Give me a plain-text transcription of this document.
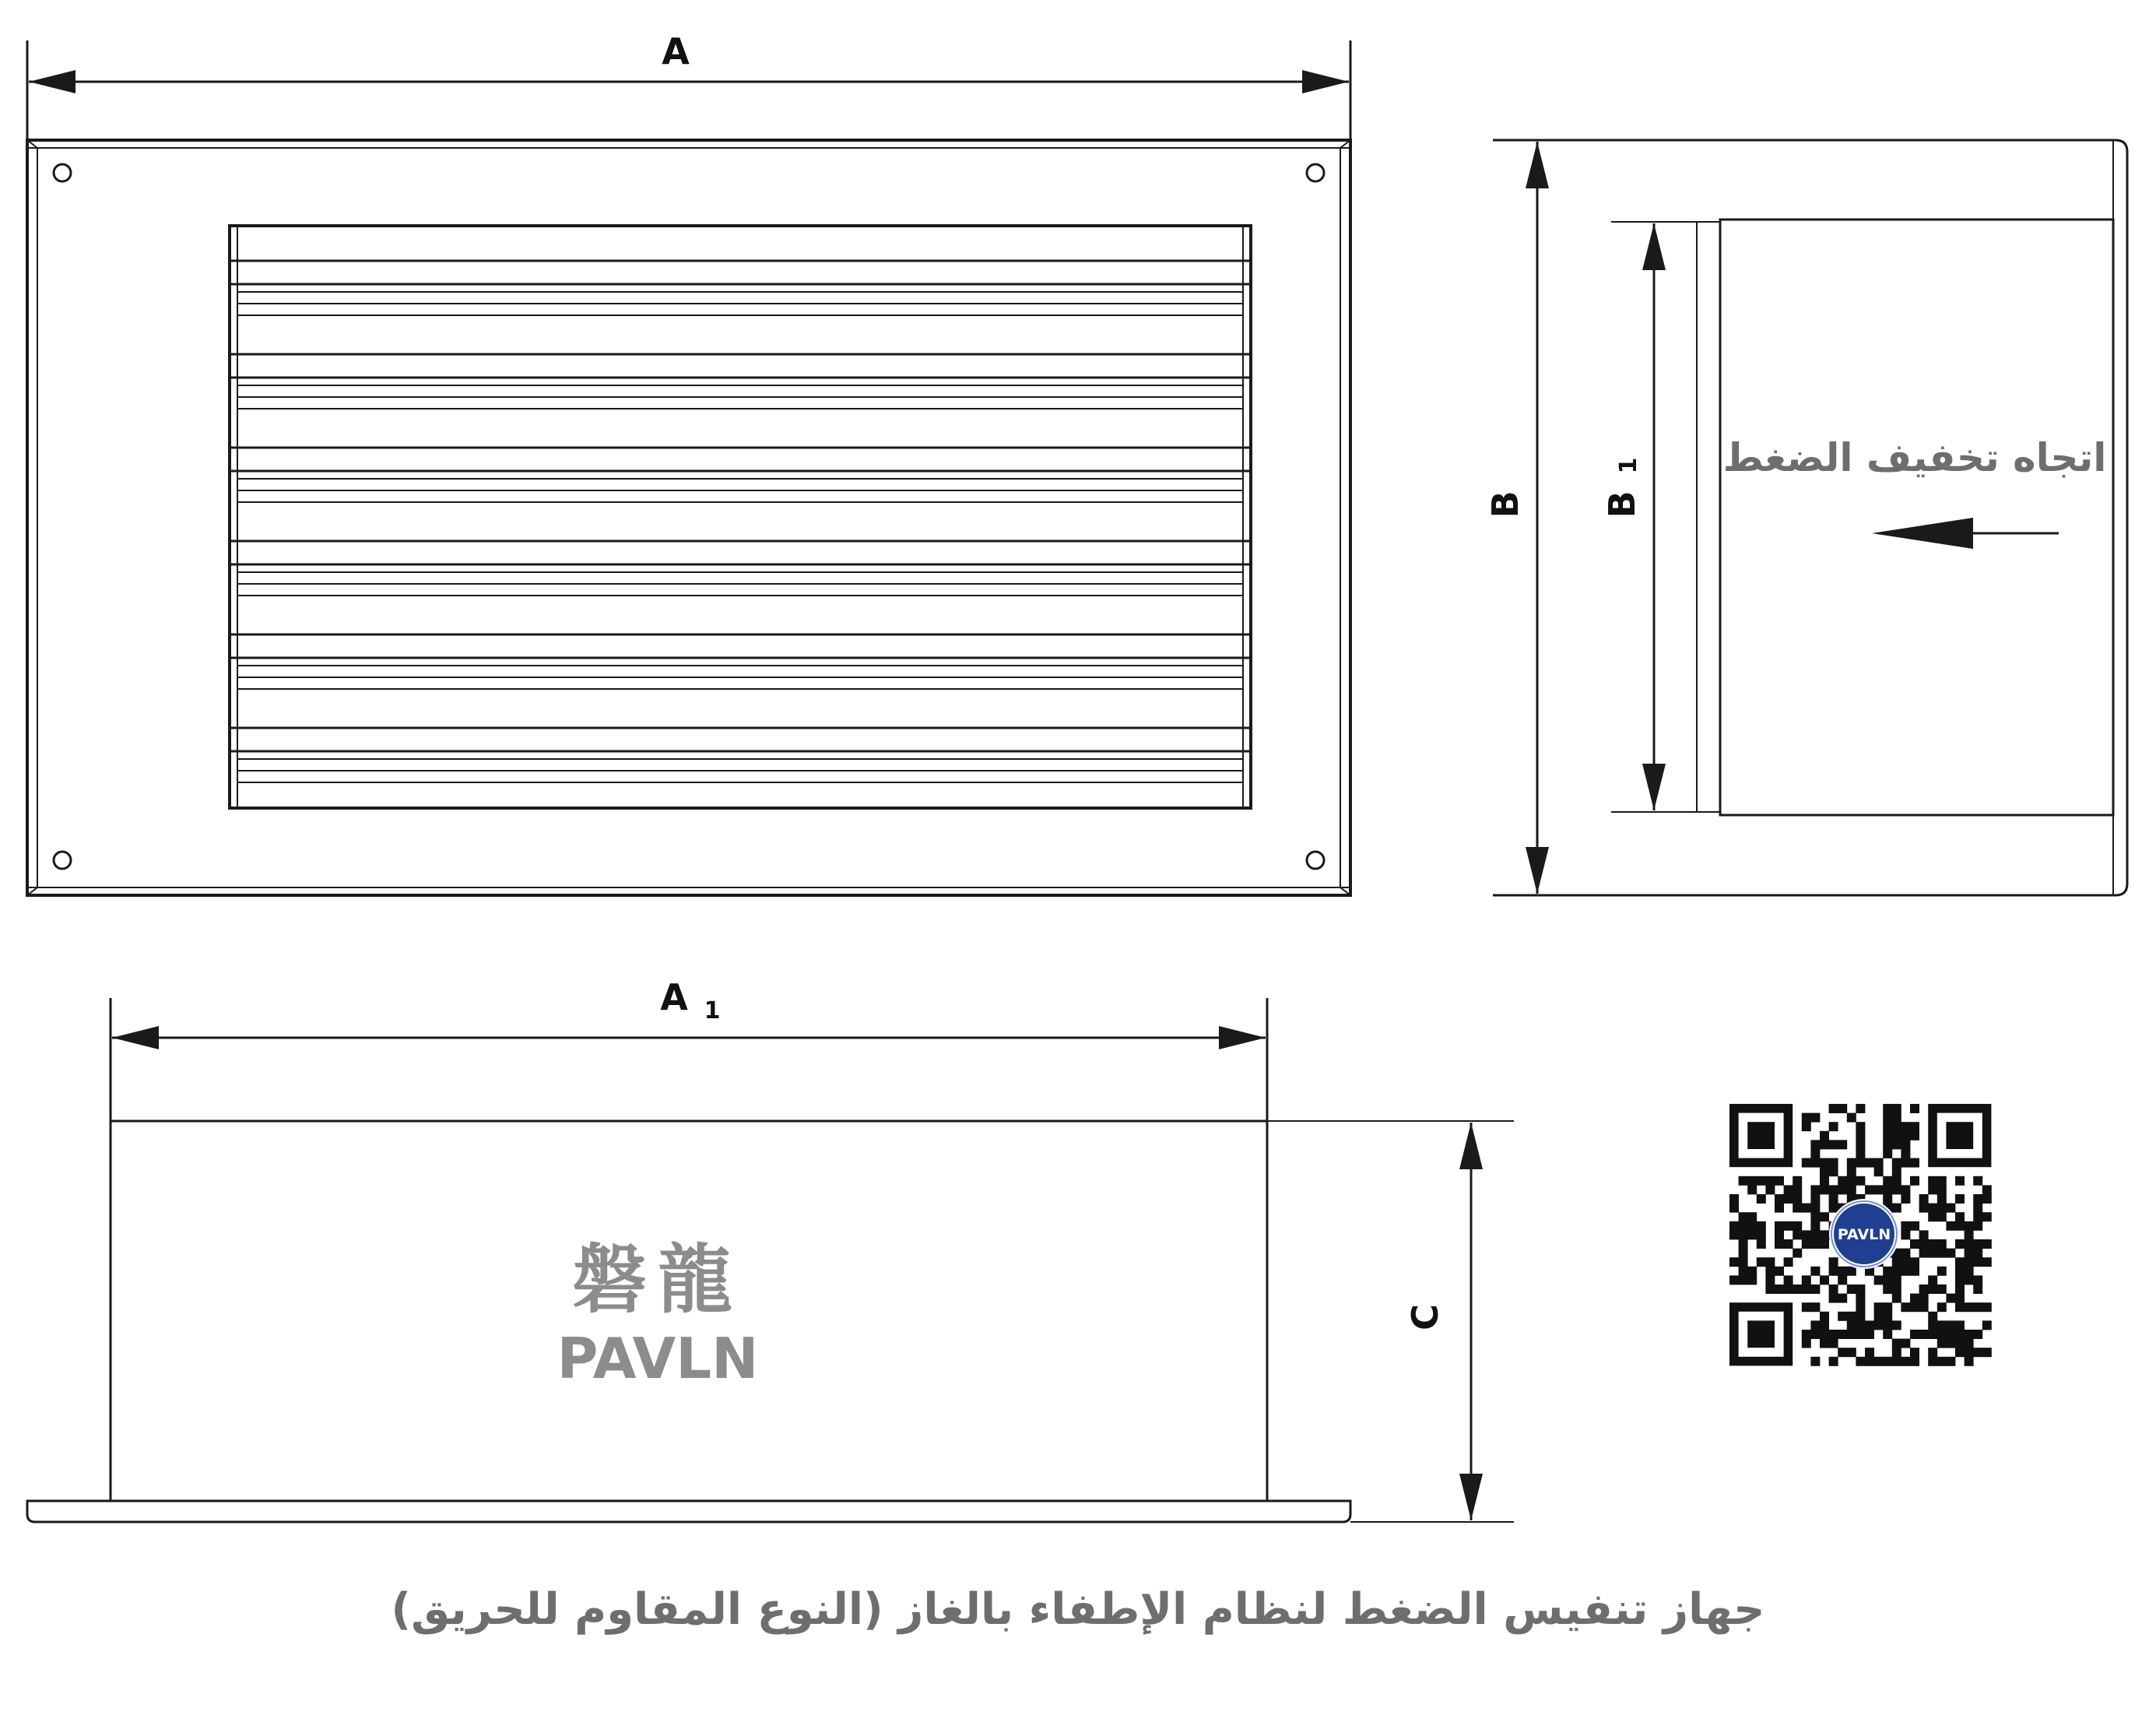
A
B B
1 اتجاه تخفيف الضغط
A 1
C
磐龍
PAVLN
PAVLN
جهاز تنفيس الضغط لنظام الإطفاء بالغاز (النوع المقاوم للحريق)
